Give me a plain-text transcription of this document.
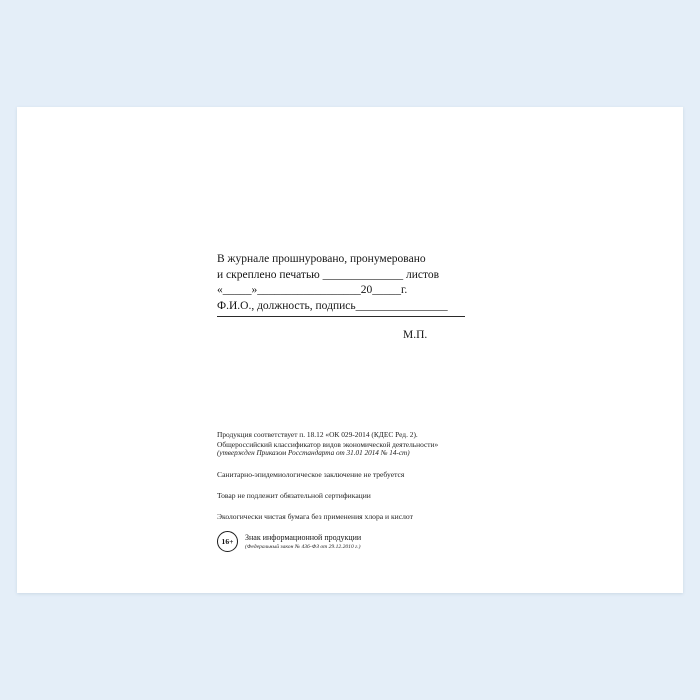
В журнале прошнуровано, пронумеровано
и скреплено печатью ______________ листов
«_____»__________________20_____г.
Ф.И.О., должность, подпись________________
М.П.
Продукция соответствует п. 18.12 «ОК 029-2014 (КДЕС Ред. 2).
Общероссийский классификатор видов экономической деятельности»
(утвержден Приказом Росстандарта от 31.01 2014 № 14-ст)
Санитарно-эпидемиологическое заключение не требуется
Товар не подлежит обязательной сертификации
Экологически чистая бумага без применения хлора и кислот
16+	Знак информационной продукции
(Федеральный закон № 436-ФЗ от 29.12.2010 г.)
